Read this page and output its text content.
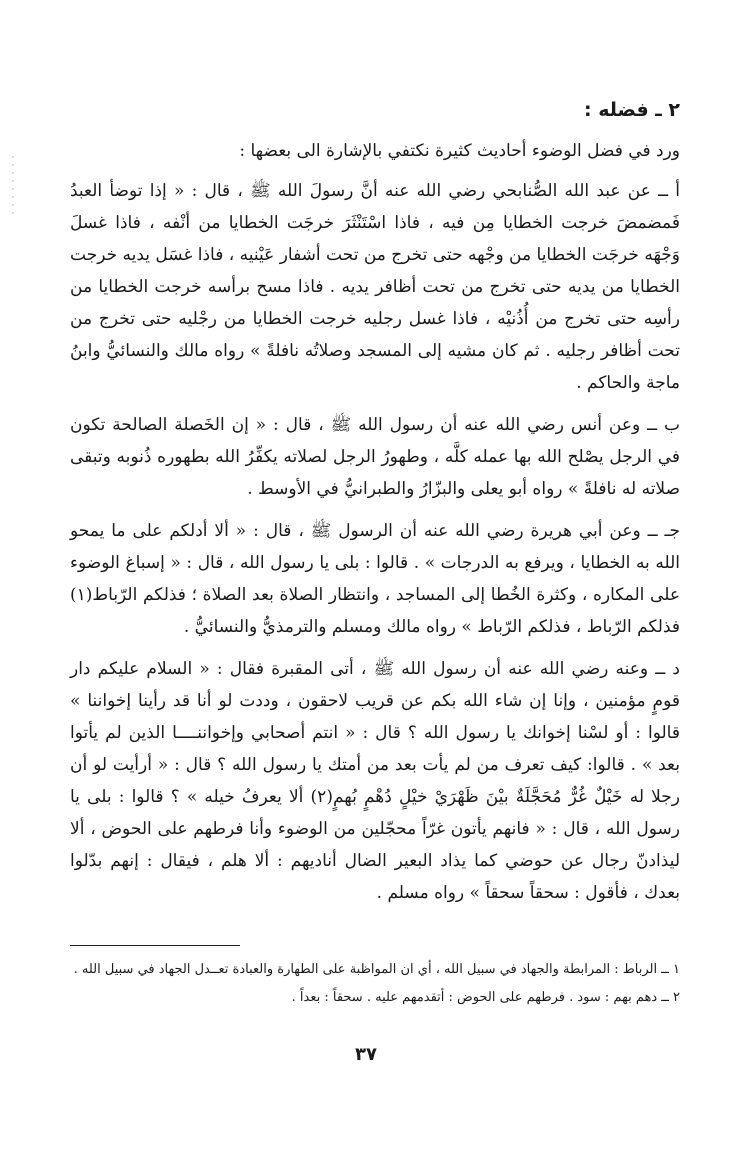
٢ ـ فضله :

ورد في فضل الوضوء أحاديث كثيرة نكتفي بالإشارة الى بعضها :

أ ــ عن عبد الله الصُّنابحي رضي الله عنه أنَّ رسولَ الله ﷺ ، قال : « إذا توضأ العبدُ فَمضمضَ خرجت الخطايا مِن فيه ، فاذا اسْتَنْثَرَ خرجَت الخطايا من أنْفه ، فاذا غسلَ وَجْهَه خرجَت الخطايا من وجْهه حتى تخرج من تحت أشفار عَيْنيه ، فاذا غسَل يديه خرجت الخطايا من يديه حتى تخرج من تحت أظافر يديه . فاذا مسح برأسه خرجت الخطايا من رأسِه حتى تخرج من أُذُنيْه ، فاذا غسل رجليه خرجت الخطايا من رجْليه حتى تخرج من تحت أظافر رجليه . ثم كان مشيه إلى المسجد وصلاتُه نافلةً » رواه مالك والنسائيُّ وابنُ ماجة والحاكم .

ب ــ وعن أنس رضي الله عنه أن رسول الله ﷺ ، قال : « إن الخَصلة الصالحة تكون في الرجل يصْلح الله بها عمله كلَّه ، وطهورُ الرجل لصلاته يكفِّرُ الله بطهوره ذُنوبه وتبقى صلاته له نافلةً » رواه أبو يعلى والبزّارُ والطبرانيُّ في الأوسط .

جـ ــ وعن أبي هريرة رضي الله عنه أن الرسول ﷺ ، قال : « ألا أدلكم على ما يمحو الله به الخطايا ، ويرفع به الدرجات » . قالوا : بلى يا رسول الله ، قال : « إسباغ الوضوء على المكاره ، وكثرة الخُطا إلى المساجد ، وانتظار الصلاة بعد الصلاة ؛ فذلكم الرّباط(١) فذلكم الرّباط ، فذلكم الرّباط » رواه مالك ومسلم والترمذيُّ والنسائيُّ .

د ــ وعنه رضي الله عنه أن رسول الله ﷺ ، أتى المقبرة فقال : « السلام عليكم دار قومٍ مؤمنين ، وإنا إن شاء الله بكم عن قريب لاحقون ، وددت لو أنا قد رأينا إخواننا » قالوا : أو لسْنا إخوانك يا رسول الله ؟ قال : « انتم أصحابي وإخواننــــا الذين لم يأتوا بعد » . قالوا: كيف تعرف من لم يأت بعد من أمتك يا رسول الله ؟ قال : « أرأيت لو أن رجلا له خَيْلٌ غُرٌّ مُحَجَّلَةٌ بيْنَ ظَهْرَيْ خيْلٍ دُهْمٍ بُهمٍ(٢) ألا يعرفُ خيله » ؟ قالوا : بلى يا رسول الله ، قال : « فانهم يأتون غرّاً محجّلين من الوضوء وأنا فرطهم على الحوض ، ألا ليذادنّ رجال عن حوضي كما يذاد البعير الضال أناديهم : ألا هلم ، فيقال : إنهم بدّلوا بعدك ، فأقول : سحقاً سحقاً » رواه مسلم .

١ ــ الرباط : المرابطة والجهاد في سبيل الله ، أي ان المواظبة على الطهارة والعبادة تعــدل الجهاد في سبيل الله .

٢ ــ دهم بهم : سود . فرطهم على الحوض : أتقدمهم عليه . سحقاً : بعداً .

٣٧
